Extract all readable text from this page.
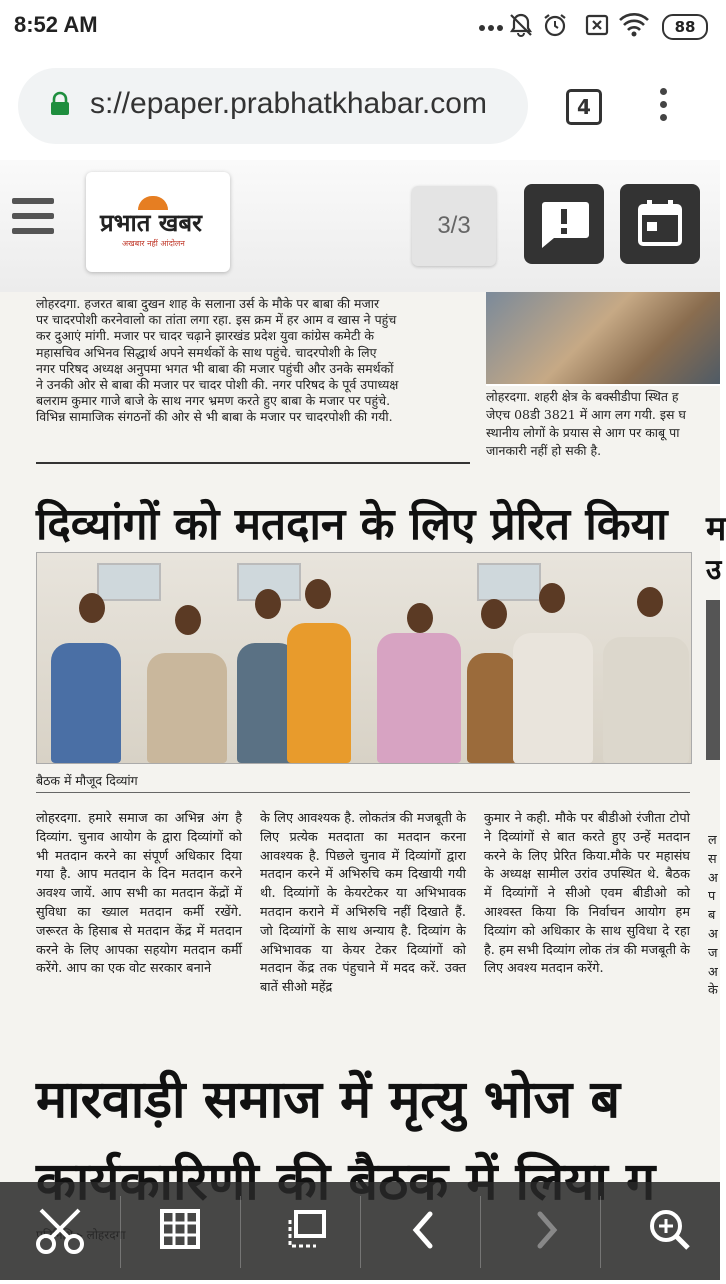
8:52 AM	88
s://epaper.prabhatkhabar.com	4
प्रभात खबर
अखबार नहीं आंदोलन
3/3
लोहरदगा. हजरत बाबा दुखन शाह के सलाना उर्स के मौके पर बाबा की मजार
पर चादरपोशी करनेवालो का तांता लगा रहा. इस क्रम में हर आम व खास ने पहुंच
कर दुआएं मांगी. मजार पर चादर चढ़ाने झारखंड प्रदेश युवा कांग्रेस कमेटी के
महासचिव अभिनव सिद्धार्थ अपने समर्थकों के साथ पहुंचे. चादरपोशी के लिए
नगर परिषद अध्यक्ष अनुपमा भगत भी बाबा की मजार पहुंची और उनके समर्थकों
ने उनकी ओर से बाबा की मजार पर चादर पोशी की. नगर परिषद के पूर्व उपाध्यक्ष
बलराम कुमार गाजे बाजे के साथ नगर भ्रमण करते हुए बाबा के मजार पर पहुंचे.
विभिन्न सामाजिक संगठनों की ओर से भी बाबा के मजार पर चादरपोशी की गयी.
लोहरदगा. शहरी क्षेत्र के बक्सीडीपा स्थित ह
जेएच 08डी 3821 में आग लग गयी. इस घ
स्थानीय लोगों के प्रयास से आग पर काबू पा
जानकारी नहीं हो सकी है.
दिव्यांगों को मतदान के लिए प्रेरित किया म
उ
बैठक में मौजूद दिव्यांग
लोहरदगा. हमारे समाज का अभिन्न अंग है दिव्यांग. चुनाव आयोग के द्वारा दिव्यांगों को भी मतदान करने का संपूर्ण अधिकार दिया गया है. आप मतदान के दिन मतदान करने अवश्य जायें. आप सभी का मतदान केंद्रों में सुविधा का ख्याल मतदान कर्मी रखेंगे. जरूरत के हिसाब से मतदान केंद्र में मतदान करने के लिए आपका सहयोग मतदान कर्मी करेंगे. आप का एक वोट सरकार बनाने
के लिए आवश्यक है. लोकतंत्र की मजबूती के लिए प्रत्येक मतदाता का मतदान करना आवश्यक है. पिछले चुनाव में दिव्यांगों द्वारा मतदान करने में अभिरुचि कम दिखायी गयी थी. दिव्यांगों के केयरटेकर या अभिभावक मतदान कराने में अभिरुचि नहीं दिखाते हैं. जो दिव्यांगों के साथ अन्याय है. दिव्यांग के अभिभावक या केयर टेकर दिव्यांगों को मतदान केंद्र तक पंहुचाने में मदद करें. उक्त बातें सीओ महेंद्र
कुमार ने कही. मौके पर बीडीओ रंजीता टोपो ने दिव्यांगों से बात करते हुए उन्हें मतदान करने के लिए प्रेरित किया.मौके पर महासंघ के अध्यक्ष सामील उरांव उपस्थित थे. बैठक में दिव्यांगों ने सीओ एवम बीडीओ को आश्वस्त किया कि निर्वाचन आयोग हम दिव्यांग को अधिकार के साथ सुविधा दे रहा है. हम सभी दिव्यांग लोक तंत्र की मजबूती के लिए अवश्य मतदान करेंगे.
ल स अ प ब अ ज अ के
मारवाड़ी समाज में मृत्यु भोज ब
